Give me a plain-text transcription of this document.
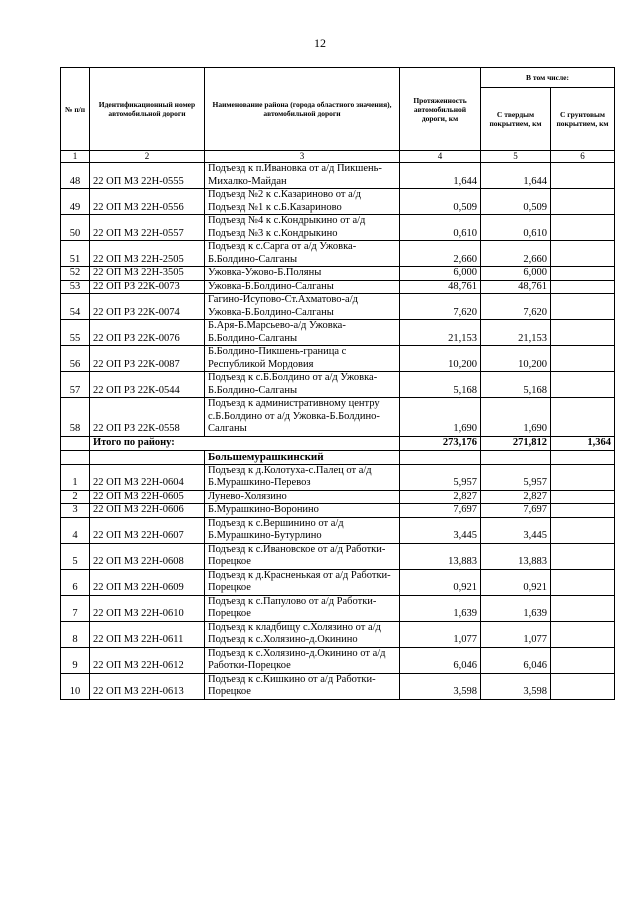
12
№ п/п	Идентификационный номер автомобильной дороги	Наименование района (города областного значения), автомобильной дороги	Протяженность автомобильной дороги, км	В том числе:	
				С твердым покрытием, км	С грунтовым покрытием, км
1	2	3	4	5	6
48	22 ОП МЗ 22Н-0555	Подъезд к п.Ивановка от а/д Пикшень-Михалко-Майдан	1,644	1,644	
49	22 ОП МЗ 22Н-0556	Подъезд №2 к с.Казариново от а/д Подъезд №1 к с.Б.Казариново	0,509	0,509	
50	22 ОП МЗ 22Н-0557	Подъезд №4 к с.Кондрыкино от а/д Подъезд №3 к с.Кондрыкино	0,610	0,610	
51	22 ОП МЗ 22Н-2505	Подъезд к с.Сарга от а/д Ужовка-Б.Болдино-Салганы	2,660	2,660	
52	22 ОП МЗ 22Н-3505	Ужовка-Ужово-Б.Поляны	6,000	6,000	
53	22 ОП РЗ 22К-0073	Ужовка-Б.Болдино-Салганы	48,761	48,761	
54	22 ОП РЗ 22К-0074	Гагино-Исупово-Ст.Ахматово-а/д Ужовка-Б.Болдино-Салганы	7,620	7,620	
55	22 ОП РЗ 22К-0076	Б.Аря-Б.Марсьево-а/д Ужовка-Б.Болдино-Салганы	21,153	21,153	
56	22 ОП РЗ 22К-0087	Б.Болдино-Пикшень-граница с Республикой Мордовия	10,200	10,200	
57	22 ОП РЗ 22К-0544	Подъезд к с.Б.Болдино от а/д Ужовка-Б.Болдино-Салганы	5,168	5,168	
58	22 ОП РЗ 22К-0558	Подъезд к административному центру с.Б.Болдино от а/д Ужовка-Б.Болдино-Салганы	1,690	1,690	
	Итого по району:		273,176	271,812	1,364
		Большемурашкинский			
1	22 ОП МЗ 22Н-0604	Подъезд к д.Колотуха-с.Палец от а/д Б.Мурашкино-Перевоз	5,957	5,957	
2	22 ОП МЗ 22Н-0605	Лунево-Холязино	2,827	2,827	
3	22 ОП МЗ 22Н-0606	Б.Мурашкино-Воронино	7,697	7,697	
4	22 ОП МЗ 22Н-0607	Подъезд к с.Вершинино от а/д Б.Мурашкино-Бутурлино	3,445	3,445	
5	22 ОП МЗ 22Н-0608	Подъезд к с.Ивановское от а/д Работки-Порецкое	13,883	13,883	
6	22 ОП МЗ 22Н-0609	Подъезд к д.Красненькая от а/д Работки-Порецкое	0,921	0,921	
7	22 ОП МЗ 22Н-0610	Подъезд к с.Папулово от а/д Работки-Порецкое	1,639	1,639	
8	22 ОП МЗ 22Н-0611	Подъезд к кладбищу с.Холязино от а/д Подъезд к с.Холязино-д.Окинино	1,077	1,077	
9	22 ОП МЗ 22Н-0612	Подъезд к с.Холязино-д.Окинино от а/д Работки-Порецкое	6,046	6,046	
10	22 ОП МЗ 22Н-0613	Подъезд к с.Кишкино от а/д Работки-Порецкое	3,598	3,598	
